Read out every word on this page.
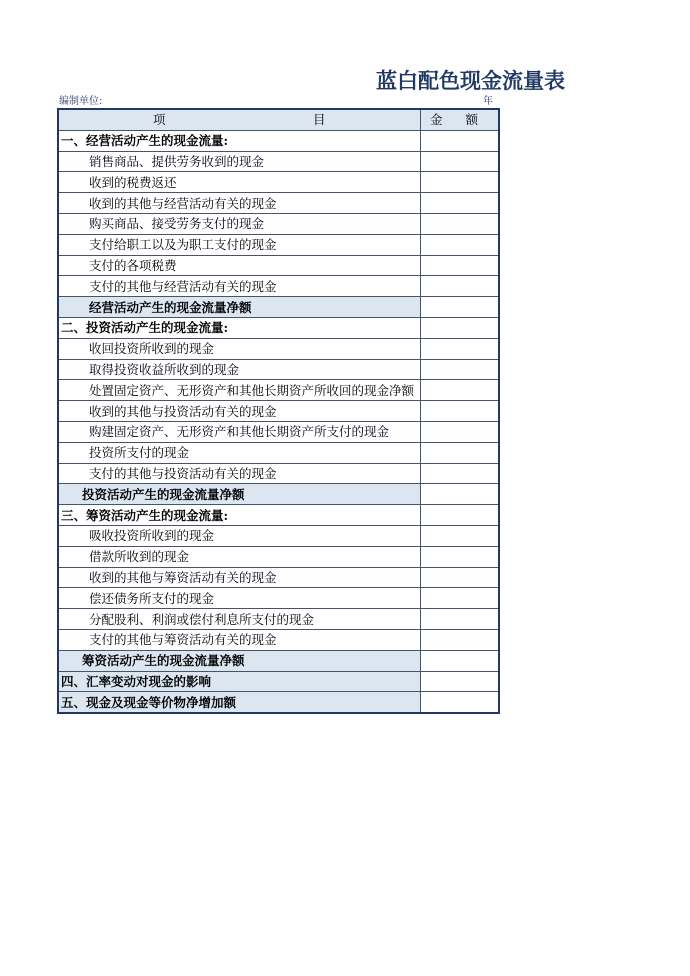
蓝白配色现金流量表
编制单位:	年
项 目	金 额
一、经营活动产生的现金流量:	
销售商品、提供劳务收到的现金	
收到的税费返还	
收到的其他与经营活动有关的现金	
购买商品、接受劳务支付的现金	
支付给职工以及为职工支付的现金	
支付的各项税费	
支付的其他与经营活动有关的现金	
经营活动产生的现金流量净额	
二、投资活动产生的现金流量:	
收回投资所收到的现金	
取得投资收益所收到的现金	
处置固定资产、无形资产和其他长期资产所收回的现金净额	
收到的其他与投资活动有关的现金	
购建固定资产、无形资产和其他长期资产所支付的现金	
投资所支付的现金	
支付的其他与投资活动有关的现金	
投资活动产生的现金流量净额	
三、筹资活动产生的现金流量:	
吸收投资所收到的现金	
借款所收到的现金	
收到的其他与筹资活动有关的现金	
偿还债务所支付的现金	
分配股利、利润或偿付利息所支付的现金	
支付的其他与筹资活动有关的现金	
筹资活动产生的现金流量净额	
四、汇率变动对现金的影响	
五、现金及现金等价物净增加额	
